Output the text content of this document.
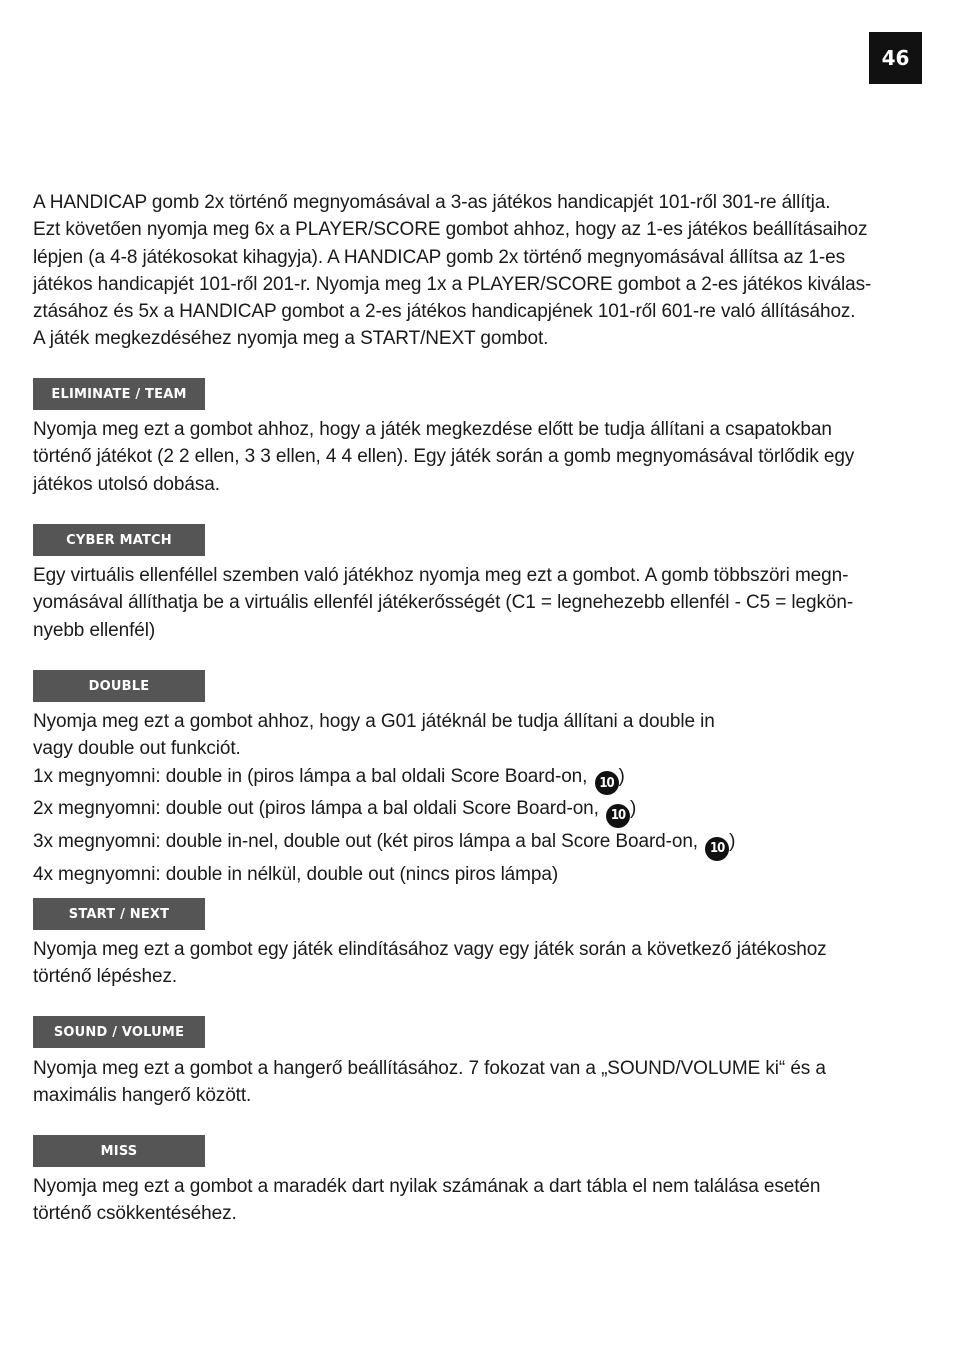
46

A HANDICAP gomb 2x történő megnyomásával a 3-as játékos handicapjét 101-ről 301-re állítja.

Ezt követően nyomja meg 6x a PLAYER/SCORE gombot ahhoz, hogy az 1-es játékos beállításaihoz

lépjen (a 4-8 játékosokat kihagyja). A HANDICAP gomb 2x történő megnyomásával állítsa az 1-es

játékos handicapjét 101-ről 201-r. Nyomja meg 1x a PLAYER/SCORE gombot a 2-es játékos kiválas-

ztásához és 5x a HANDICAP gombot a 2-es játékos handicapjének 101-ről 601-re való állításához.

A játék megkezdéséhez nyomja meg a START/NEXT gombot.

ELIMINATE / TEAM

Nyomja meg ezt a gombot ahhoz, hogy a játék megkezdése előtt be tudja állítani a csapatokban

történő játékot (2 2 ellen, 3 3 ellen, 4 4 ellen). Egy játék során a gomb megnyomásával törlődik egy

játékos utolsó dobása.

CYBER MATCH

Egy virtuális ellenféllel szemben való játékhoz nyomja meg ezt a gombot. A gomb többszöri megn-

yomásával állíthatja be a virtuális ellenfél játékerősségét (C1 = legnehezebb ellenfél - C5 = legkön-

nyebb ellenfél)

DOUBLE

Nyomja meg ezt a gombot ahhoz, hogy a G01 játéknál be tudja állítani a double in

vagy double out funkciót.

1x megnyomni: double in (piros lámpa a bal oldali Score Board-on, 10 )

2x megnyomni: double out (piros lámpa a bal oldali Score Board-on, 10 )

3x megnyomni: double in-nel, double out (két piros lámpa a bal Score Board-on, 10 )

4x megnyomni: double in nélkül, double out (nincs piros lámpa)

START / NEXT

Nyomja meg ezt a gombot egy játék elindításához vagy egy játék során a következő játékoshoz

történő lépéshez.

SOUND / VOLUME

Nyomja meg ezt a gombot a hangerő beállításához. 7 fokozat van a „SOUND/VOLUME ki“ és a

maximális hangerő között.

MISS

Nyomja meg ezt a gombot a maradék dart nyilak számának a dart tábla el nem találása esetén

történő csökkentéséhez.
